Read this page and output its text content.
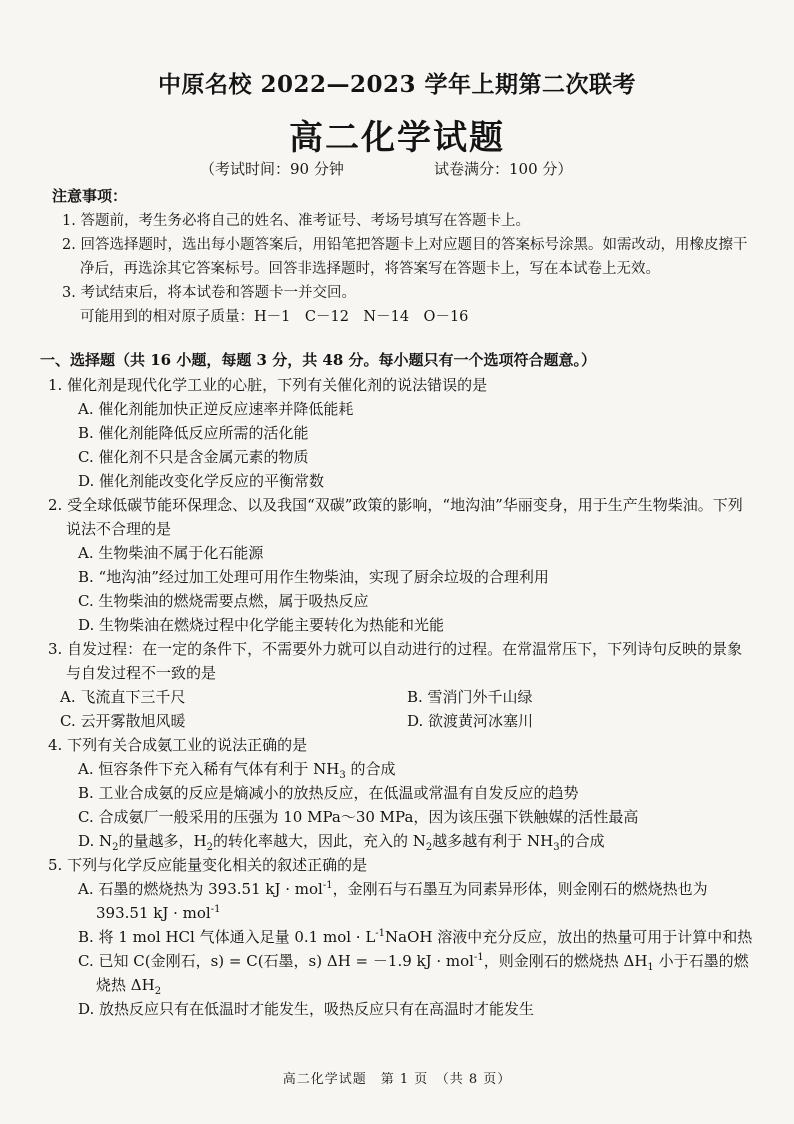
中原名校 2022—2023 学年上期第二次联考
高二化学试题
（考试时间：90 分钟	试卷满分：100 分）
注意事项：
1. 答题前，考生务必将自己的姓名、准考证号、考场号填写在答题卡上。
2. 回答选择题时，选出每小题答案后，用铅笔把答题卡上对应题目的答案标号涂黑。如需改动，用橡皮擦干净后，再选涂其它答案标号。回答非选择题时，将答案写在答题卡上，写在本试卷上无效。
3. 考试结束后，将本试卷和答题卡一并交回。
可能用到的相对原子质量：H－1　C－12　N－14　O－16
一、选择题（共 16 小题，每题 3 分，共 48 分。每小题只有一个选项符合题意。）
1. 催化剂是现代化学工业的心脏，下列有关催化剂的说法错误的是
A. 催化剂能加快正逆反应速率并降低能耗
B. 催化剂能降低反应所需的活化能
C. 催化剂不只是含金属元素的物质
D. 催化剂能改变化学反应的平衡常数
2. 受全球低碳节能环保理念、以及我国“双碳”政策的影响，“地沟油”华丽变身，用于生产生物柴油。下列说法不合理的是
A. 生物柴油不属于化石能源
B. “地沟油”经过加工处理可用作生物柴油，实现了厨余垃圾的合理利用
C. 生物柴油的燃烧需要点燃，属于吸热反应
D. 生物柴油在燃烧过程中化学能主要转化为热能和光能
3. 自发过程：在一定的条件下，不需要外力就可以自动进行的过程。在常温常压下，下列诗句反映的景象与自发过程不一致的是
A. 飞流直下三千尺	B. 雪消门外千山绿
C. 云开雾散旭风暖	D. 欲渡黄河冰塞川
4. 下列有关合成氨工业的说法正确的是
A. 恒容条件下充入稀有气体有利于 $NH_3$ 的合成
B. 工业合成氨的反应是熵减小的放热反应，在低温或常温有自发反应的趋势
C. 合成氨厂一般采用的压强为 10 MPa～30 MPa，因为该压强下铁触媒的活性最高
D. $N_2$的量越多，$H_2$的转化率越大，因此，充入的 $N_2$越多越有利于 $NH_3$的合成
5. 下列与化学反应能量变化相关的叙述正确的是
A. 石墨的燃烧热为 393.51 kJ · mol$^{-1}$，金刚石与石墨互为同素异形体，则金刚石的燃烧热也为 393.51 kJ · mol$^{-1}$
B. 将 1 mol HCl 气体通入足量 0.1 mol · $L^{-1}NaOH$ 溶液中充分反应，放出的热量可用于计算中和热
C. 已知 C(金刚石，s) = C(石墨，s) ΔH = －1.9 kJ · mol$^{-1}$，则金刚石的燃烧热 $\Delta H_1$ 小于石墨的燃烧热 $\Delta H_2$
D. 放热反应只有在低温时才能发生，吸热反应只有在高温时才能发生
高二化学试题　第 1 页　（共 8 页）
